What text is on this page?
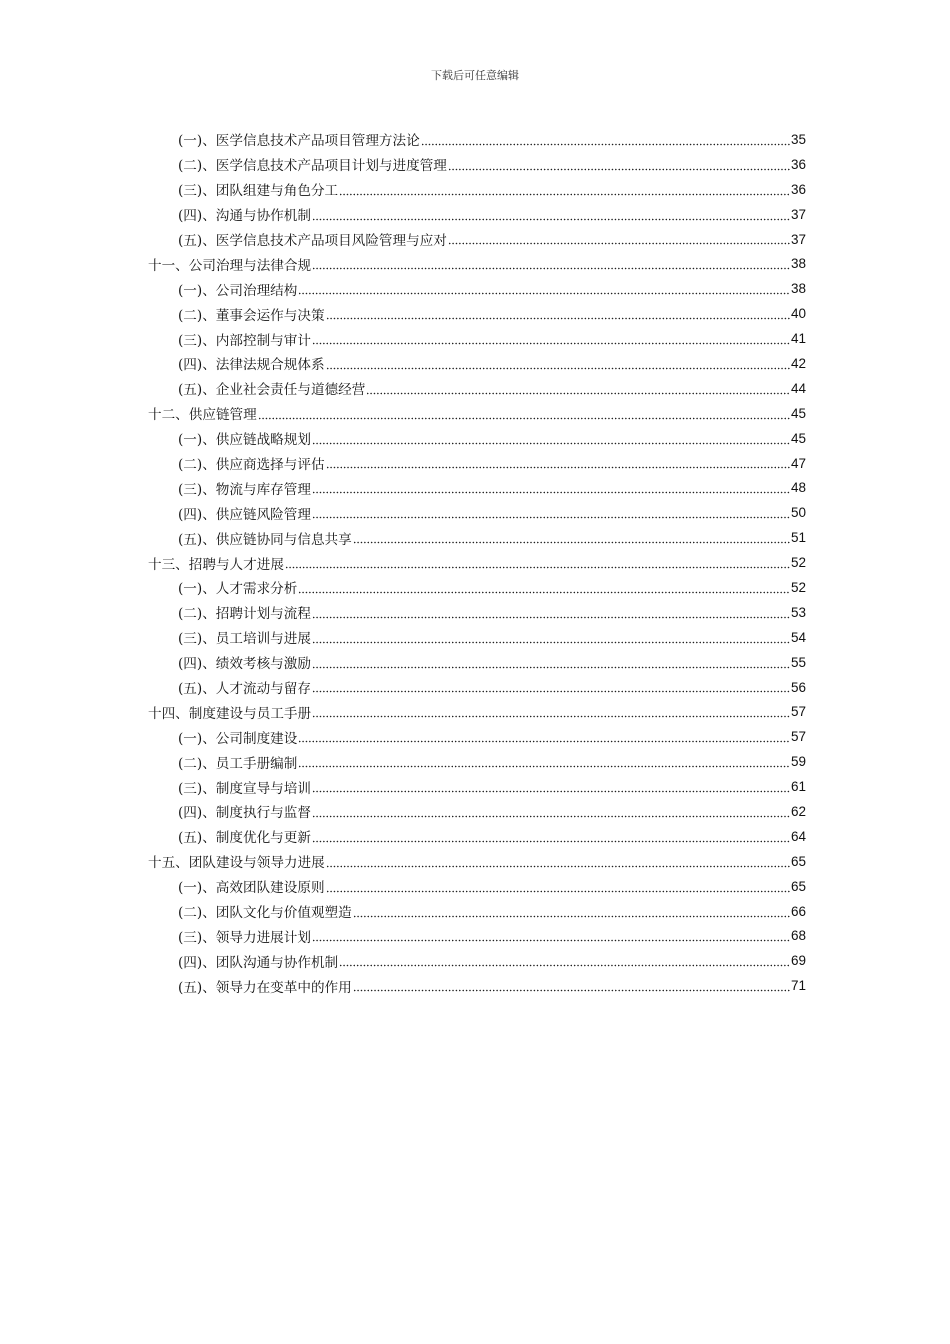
下载后可任意编辑
(一)、医学信息技术产品项目管理方法论	35
(二)、医学信息技术产品项目计划与进度管理	36
(三)、团队组建与角色分工	36
(四)、沟通与协作机制	37
(五)、医学信息技术产品项目风险管理与应对	37
十一、公司治理与法律合规	38
(一)、公司治理结构	38
(二)、董事会运作与决策	40
(三)、内部控制与审计	41
(四)、法律法规合规体系	42
(五)、企业社会责任与道德经营	44
十二、供应链管理	45
(一)、供应链战略规划	45
(二)、供应商选择与评估	47
(三)、物流与库存管理	48
(四)、供应链风险管理	50
(五)、供应链协同与信息共享	51
十三、招聘与人才进展	52
(一)、人才需求分析	52
(二)、招聘计划与流程	53
(三)、员工培训与进展	54
(四)、绩效考核与激励	55
(五)、人才流动与留存	56
十四、制度建设与员工手册	57
(一)、公司制度建设	57
(二)、员工手册编制	59
(三)、制度宣导与培训	61
(四)、制度执行与监督	62
(五)、制度优化与更新	64
十五、团队建设与领导力进展	65
(一)、高效团队建设原则	65
(二)、团队文化与价值观塑造	66
(三)、领导力进展计划	68
(四)、团队沟通与协作机制	69
(五)、领导力在变革中的作用	71
